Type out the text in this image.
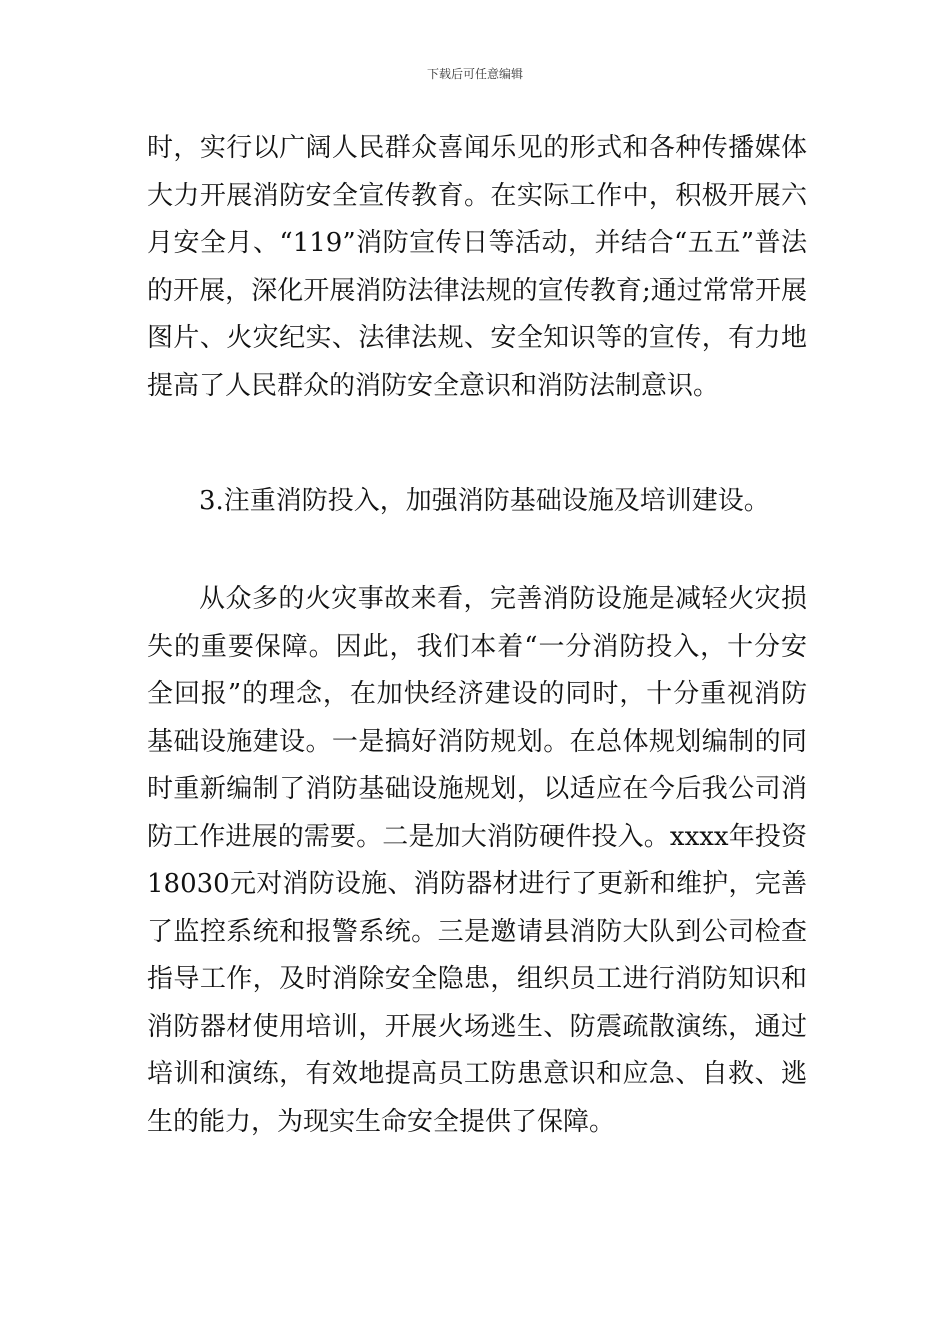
下载后可任意编辑

时，实行以广阔人民群众喜闻乐见的形式和各种传播媒体大力开展消防安全宣传教育。在实际工作中，积极开展六月安全月、“119”消防宣传日等活动，并结合“五五”普法的开展，深化开展消防法律法规的宣传教育;通过常常开展图片、火灾纪实、法律法规、安全知识等的宣传，有力地提高了人民群众的消防安全意识和消防法制意识。

3.注重消防投入，加强消防基础设施及培训建设。

从众多的火灾事故来看，完善消防设施是减轻火灾损失的重要保障。因此，我们本着“一分消防投入，十分安全回报”的理念，在加快经济建设的同时，十分重视消防基础设施建设。一是搞好消防规划。在总体规划编制的同时重新编制了消防基础设施规划，以适应在今后我公司消防工作进展的需要。二是加大消防硬件投入。xxxx年投资18030元对消防设施、消防器材进行了更新和维护，完善了监控系统和报警系统。三是邀请县消防大队到公司检查指导工作，及时消除安全隐患，组织员工进行消防知识和消防器材使用培训，开展火场逃生、防震疏散演练，通过培训和演练，有效地提高员工防患意识和应急、自救、逃生的能力，为现实生命安全提供了保障。
